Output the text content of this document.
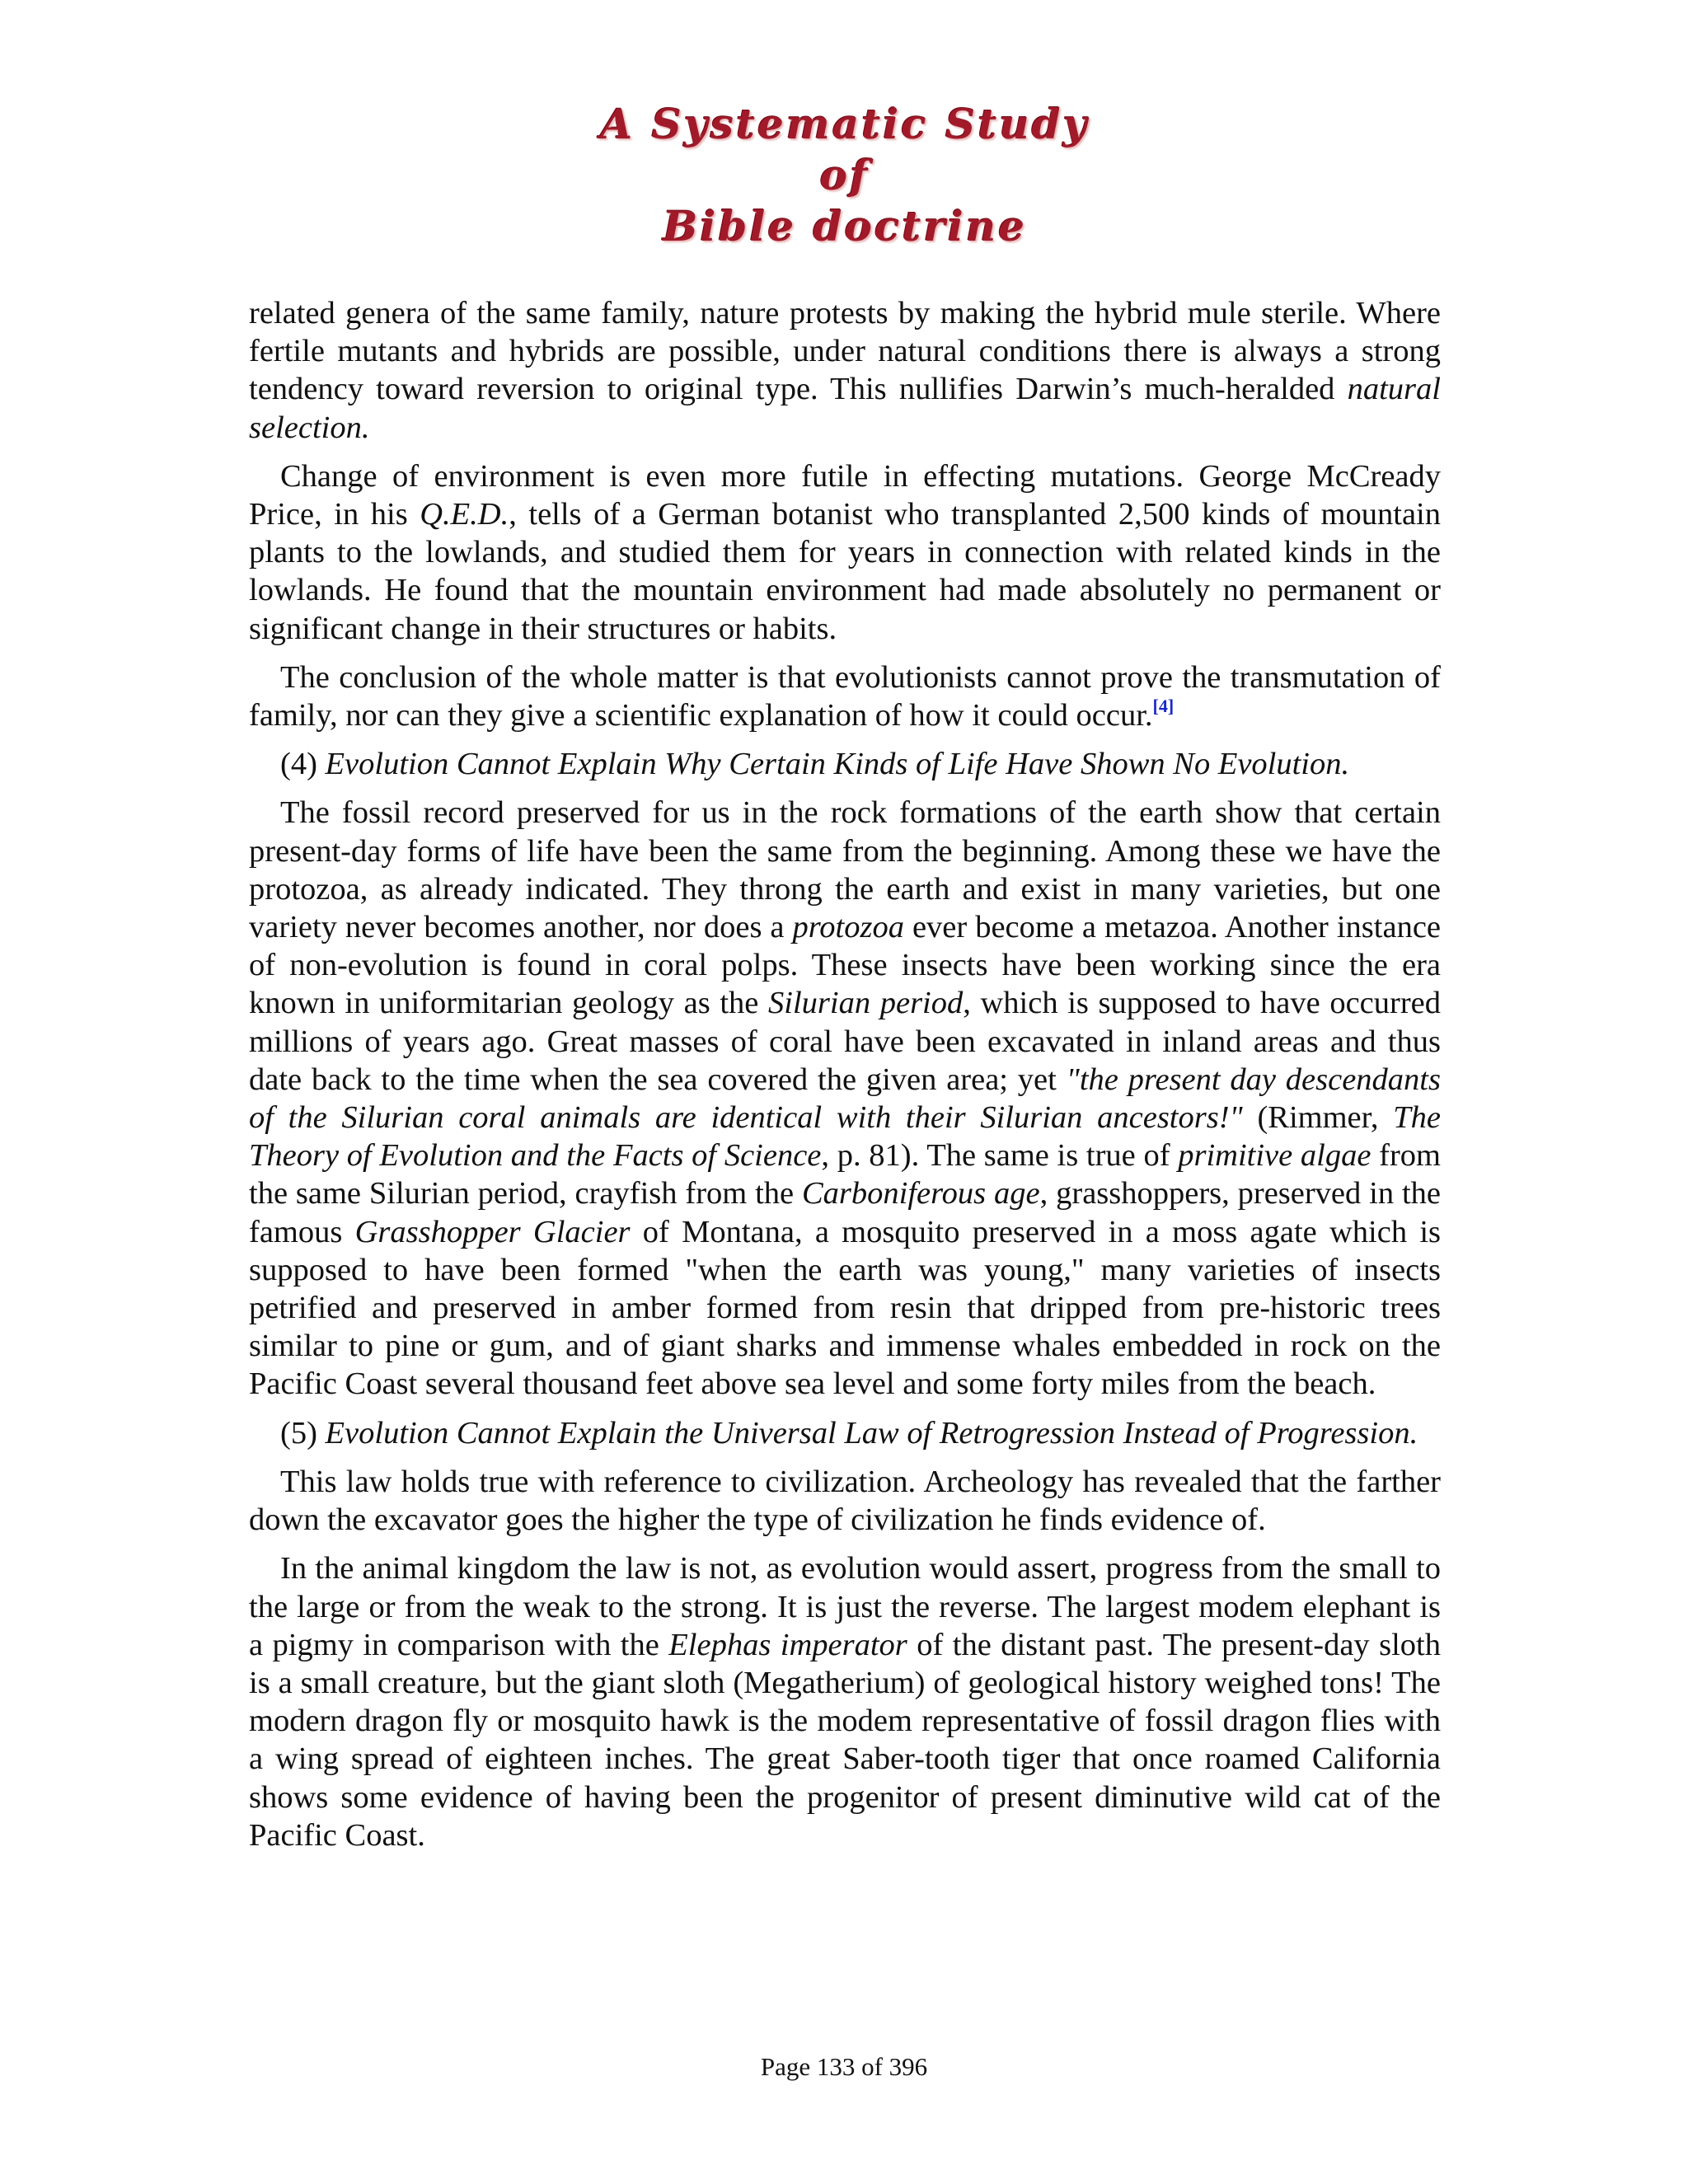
A Systematic Study of
Bible doctrine

related genera of the same family, nature protests by making the hybrid mule sterile. Where fertile mutants and hybrids are possible, under natural conditions there is always a strong tendency toward reversion to original type. This nullifies Darwin’s much-heralded natural selection.

Change of environment is even more futile in effecting mutations. George McCready Price, in his Q.E.D., tells of a German botanist who transplanted 2,500 kinds of mountain plants to the lowlands, and studied them for years in connection with related kinds in the lowlands. He found that the mountain environment had made absolutely no permanent or significant change in their structures or habits.

The conclusion of the whole matter is that evolutionists cannot prove the transmutation of family, nor can they give a scientific explanation of how it could occur.[4]

(4) Evolution Cannot Explain Why Certain Kinds of Life Have Shown No Evolution.

The fossil record preserved for us in the rock formations of the earth show that certain present-day forms of life have been the same from the beginning. Among these we have the protozoa, as already indicated. They throng the earth and exist in many varieties, but one variety never becomes another, nor does a protozoa ever become a metazoa. Another instance of non-evolution is found in coral polps. These insects have been working since the era known in uniformitarian geology as the Silurian period, which is supposed to have occurred millions of years ago. Great masses of coral have been excavated in inland areas and thus date back to the time when the sea covered the given area; yet "the present day descendants of the Silurian coral animals are identical with their Silurian ancestors!" (Rimmer, The Theory of Evolution and the Facts of Science, p. 81). The same is true of primitive algae from the same Silurian period, crayfish from the Carboniferous age, grasshoppers, preserved in the famous Grasshopper Glacier of Montana, a mosquito preserved in a moss agate which is supposed to have been formed "when the earth was young," many varieties of insects petrified and preserved in amber formed from resin that dripped from pre-historic trees similar to pine or gum, and of giant sharks and immense whales embedded in rock on the Pacific Coast several thousand feet above sea level and some forty miles from the beach.

(5) Evolution Cannot Explain the Universal Law of Retrogression Instead of Progression.

This law holds true with reference to civilization. Archeology has revealed that the farther down the excavator goes the higher the type of civilization he finds evidence of.

In the animal kingdom the law is not, as evolution would assert, progress from the small to the large or from the weak to the strong. It is just the reverse. The largest modem elephant is a pigmy in comparison with the Elephas imperator of the distant past. The present-day sloth is a small creature, but the giant sloth (Megatherium) of geological history weighed tons! The modern dragon fly or mosquito hawk is the modem representative of fossil dragon flies with a wing spread of eighteen inches. The great Saber-tooth tiger that once roamed California shows some evidence of having been the progenitor of present diminutive wild cat of the Pacific Coast.

Page 133 of 396
